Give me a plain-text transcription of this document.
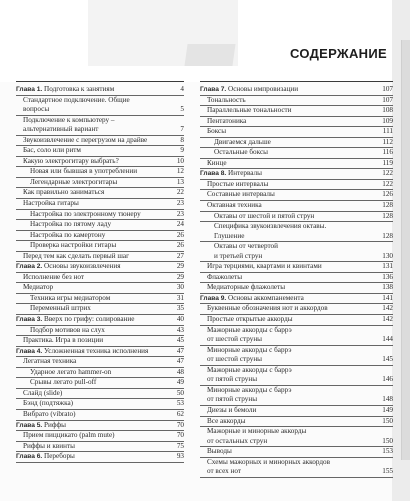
СОДЕРЖАНИЕ
Глава 1. Подготовка к занятиям	4
Стандартное подключение. Общие
вопросы	5
Подключение к компьютеру –
альтернативный вариант	7
Звукоизвлечение с перегрузом на драйве	8
Бас, соло или ритм	9
Какую электрогитару выбрать?	10
Новая или бывшая в употреблении	12
Легендарные электрогитары	13
Как правильно заниматься	22
Настройка гитары	23
Настройка по электронному тюнеру	23
Настройка по пятому ладу	24
Настройка по камертону	26
Проверка настройки гитары	26
Перед тем как сделать первый шаг	27
Глава 2. Основы звукоизвлечения	29
Исполнение без нот	29
Медиатор	30
Техника игры медиатором	31
Переменный штрих	35
Глава 3. Вверх по грифу: солирование	40
Подбор мотивов на слух	43
Практика. Игра в позиции	45
Глава 4. Усложненная техника исполнения	47
Легатная техника	47
Ударное легато hammer-on	48
Срывы легато pull-off	49
Слайд (slide)	50
Бэнд (подтяжка)	53
Вибрато (vibrato)	62
Глава 5. Риффы	70
Прием пиццикато (palm mute)	70
Риффы и квинты	75
Глава 6. Переборы	93
Глава 7. Основы импровизации	107
Тональность	107
Параллельные тональности	108
Пентатоника	109
Боксы	111
Двигаемся дальше	112
Остальные боксы	116
Кинце	119
Глава 8. Интервалы	122
Простые интервалы	122
Составные интервалы	126
Октавная техника	128
Октавы от шестой и пятой струн	128
Специфика звукоизвлечения октавы.
Глушение	128
Октавы от четвертой
и третьей струн	130
Игра терциями, квартами и квинтами	131
Флажолеты	136
Медиаторные флажолеты	138
Глава 9. Основы аккомпанемента	141
Буквенные обозначения нот и аккордов	142
Простые открытые аккорды	142
Мажорные аккорды с баррэ
от шестой струны	144
Минорные аккорды с баррэ
от шестой струны	145
Мажорные аккорды с баррэ
от пятой струны	146
Минорные аккорды с баррэ
от пятой струны	148
Диезы и бемоли	149
Все аккорды	150
Мажорные и минорные аккорды
от остальных струн	150
Выводы	153
Схемы мажорных и минорных аккордов
от всех нот	155
